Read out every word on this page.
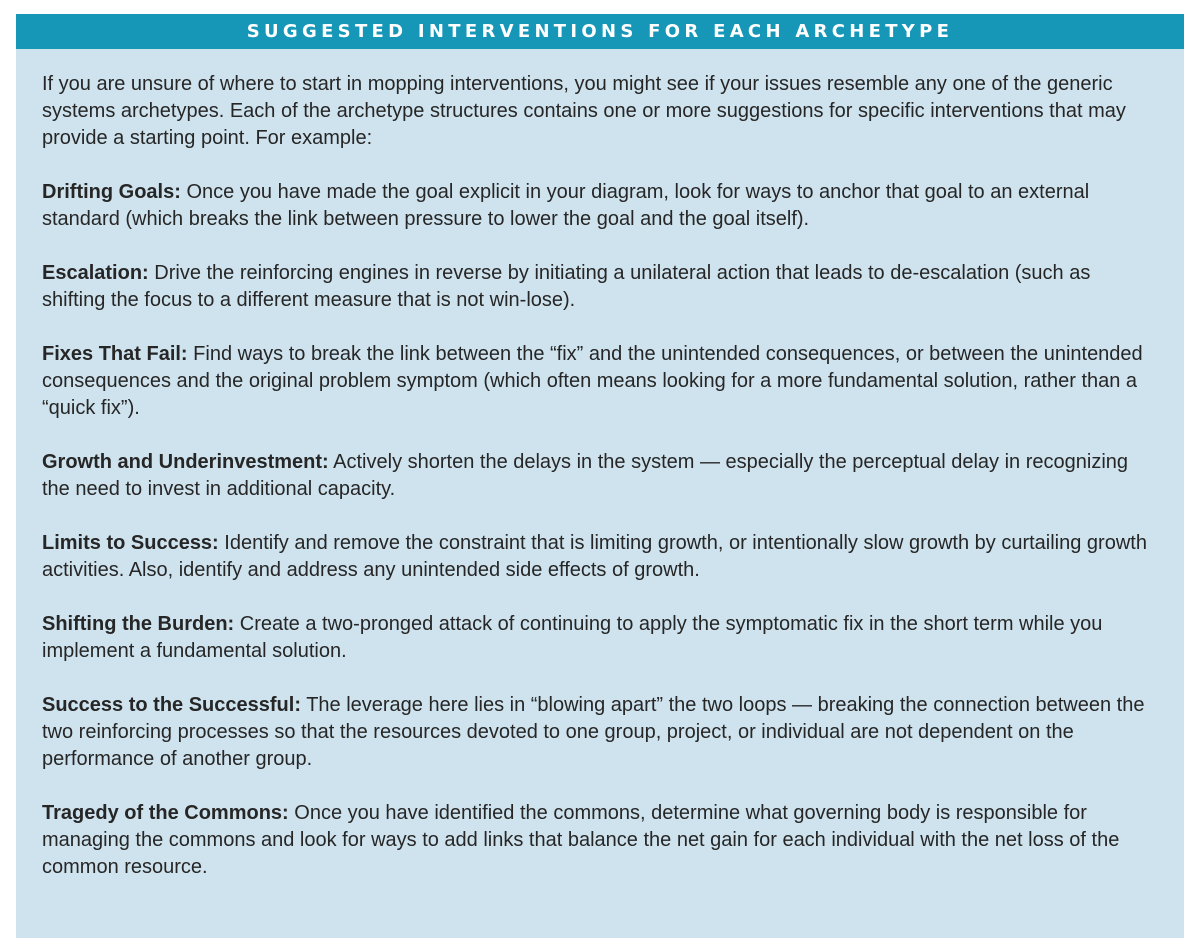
SUGGESTED INTERVENTIONS FOR EACH ARCHETYPE

If you are unsure of where to start in mopping interventions, you might see if your issues resemble any one of the generic systems archetypes. Each of the archetype structures contains one or more suggestions for specific interventions that may provide a starting point. For example:

Drifting Goals: Once you have made the goal explicit in your diagram, look for ways to anchor that goal to an external standard (which breaks the link between pressure to lower the goal and the goal itself).

Escalation: Drive the reinforcing engines in reverse by initiating a unilateral action that leads to de-escalation (such as shifting the focus to a different measure that is not win-lose).

Fixes That Fail: Find ways to break the link between the “fix” and the unintended consequences, or between the unintended consequences and the original problem symptom (which often means looking for a more fundamental solution, rather than a “quick fix”).

Growth and Underinvestment: Actively shorten the delays in the system — especially the perceptual delay in recognizing the need to invest in additional capacity.

Limits to Success: Identify and remove the constraint that is limiting growth, or intentionally slow growth by curtailing growth activities. Also, identify and address any unintended side effects of growth.

Shifting the Burden: Create a two-pronged attack of continuing to apply the symptomatic fix in the short term while you implement a fundamental solution.

Success to the Successful: The leverage here lies in “blowing apart” the two loops — breaking the connection between the two reinforcing processes so that the resources devoted to one group, project, or individual are not dependent on the performance of another group.

Tragedy of the Commons: Once you have identified the commons, determine what governing body is responsible for managing the commons and look for ways to add links that balance the net gain for each individual with the net loss of the common resource.
